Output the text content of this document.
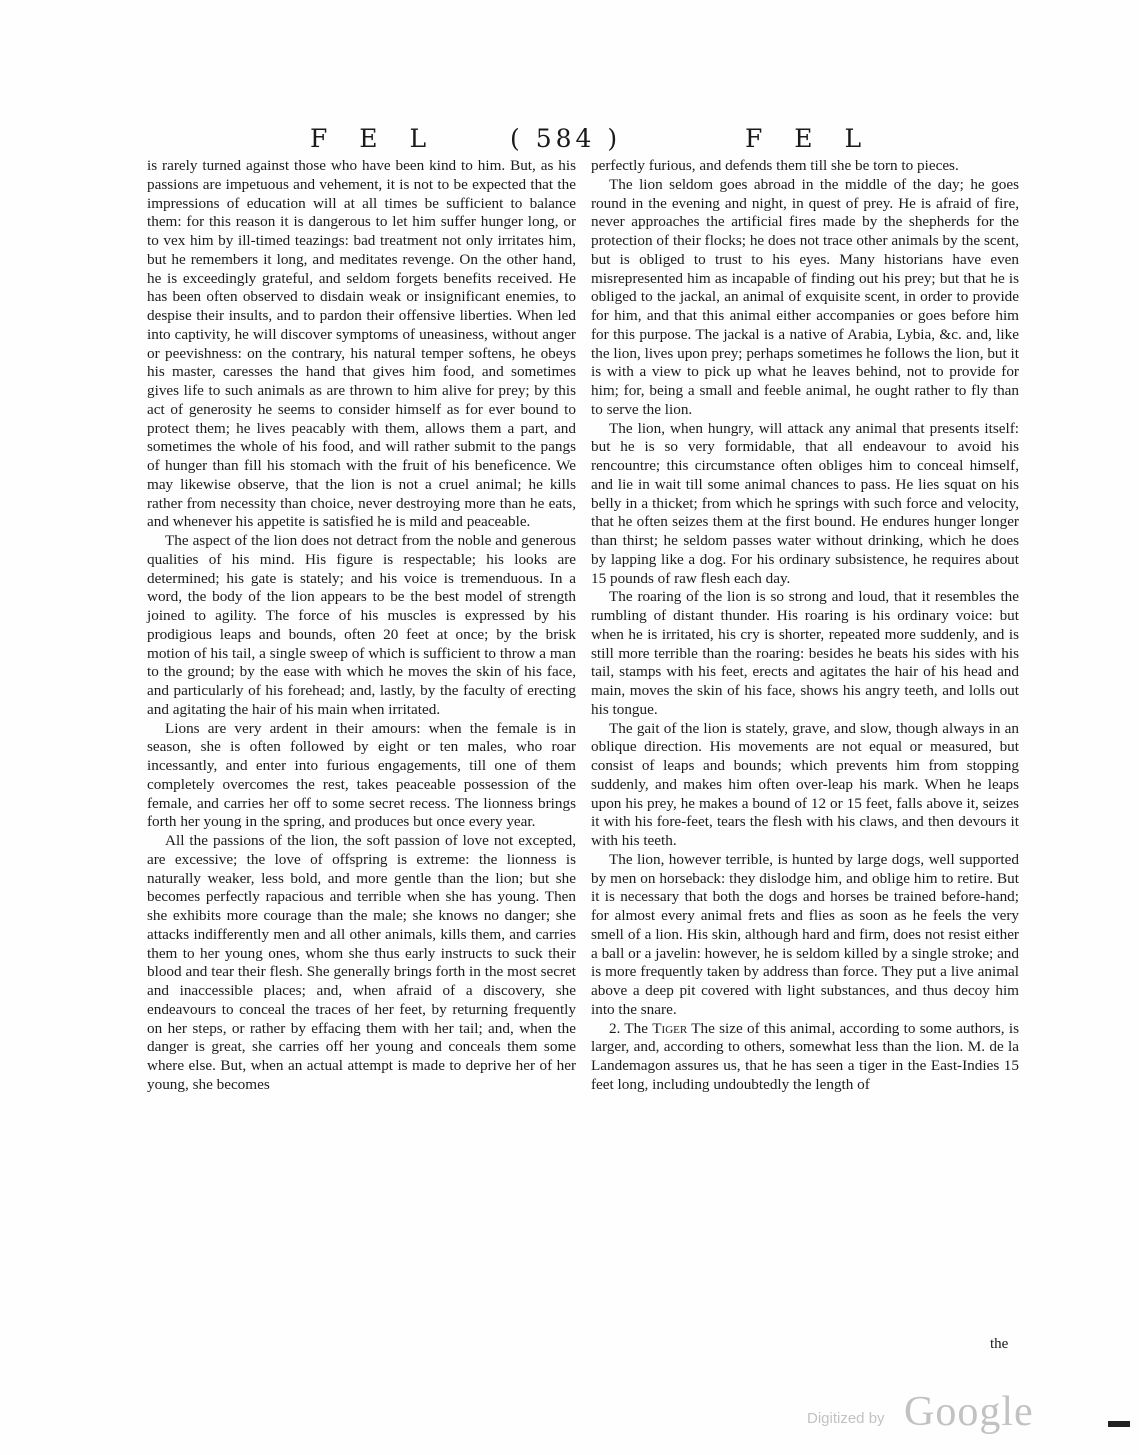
F E L	( 584 )	F E L

is rarely turned against those who have been kind to him. But, as his passions are impetuous and vehement, it is not to be expected that the impressions of education will at all times be sufficient to balance them: for this reason it is dangerous to let him suffer hunger long, or to vex him by ill-timed teazings: bad treatment not only irritates him, but he remembers it long, and meditates revenge. On the other hand, he is exceedingly grateful, and seldom forgets benefits received. He has been often observed to disdain weak or insignificant enemies, to despise their insults, and to pardon their offensive liberties. When led into captivity, he will discover symptoms of uneasiness, without anger or peevishness: on the contrary, his natural temper softens, he obeys his master, caresses the hand that gives him food, and sometimes gives life to such animals as are thrown to him alive for prey; by this act of generosity he seems to consider himself as for ever bound to protect them; he lives peacably with them, allows them a part, and sometimes the whole of his food, and will rather submit to the pangs of hunger than fill his stomach with the fruit of his beneficence. We may likewise observe, that the lion is not a cruel animal; he kills rather from necessity than choice, never destroying more than he eats, and whenever his appetite is satisfied he is mild and peaceable.

The aspect of the lion does not detract from the noble and generous qualities of his mind. His figure is respectable; his looks are determined; his gate is stately; and his voice is tremenduous. In a word, the body of the lion appears to be the best model of strength joined to agility. The force of his muscles is expressed by his prodigious leaps and bounds, often 20 feet at once; by the brisk motion of his tail, a single sweep of which is sufficient to throw a man to the ground; by the ease with which he moves the skin of his face, and particularly of his forehead; and, lastly, by the faculty of erecting and agitating the hair of his main when irritated.

Lions are very ardent in their amours: when the female is in season, she is often followed by eight or ten males, who roar incessantly, and enter into furious engagements, till one of them completely overcomes the rest, takes peaceable possession of the female, and carries her off to some secret recess. The lionness brings forth her young in the spring, and produces but once every year.

All the passions of the lion, the soft passion of love not excepted, are excessive; the love of offspring is extreme: the lionness is naturally weaker, less bold, and more gentle than the lion; but she becomes perfectly rapacious and terrible when she has young. Then she exhibits more courage than the male; she knows no danger; she attacks indifferently men and all other animals, kills them, and carries them to her young ones, whom she thus early instructs to suck their blood and tear their flesh. She generally brings forth in the most secret and inaccessible places; and, when afraid of a discovery, she endeavours to conceal the traces of her feet, by returning frequently on her steps, or rather by effacing them with her tail; and, when the danger is great, she carries off her young and conceals them some where else. But, when an actual attempt is made to deprive her of her young, she becomes

perfectly furious, and defends them till she be torn to pieces.

The lion seldom goes abroad in the middle of the day; he goes round in the evening and night, in quest of prey. He is afraid of fire, never approaches the artificial fires made by the shepherds for the protection of their flocks; he does not trace other animals by the scent, but is obliged to trust to his eyes. Many historians have even misrepresented him as incapable of finding out his prey; but that he is obliged to the jackal, an animal of exquisite scent, in order to provide for him, and that this animal either accompanies or goes before him for this purpose. The jackal is a native of Arabia, Lybia, &c. and, like the lion, lives upon prey; perhaps sometimes he follows the lion, but it is with a view to pick up what he leaves behind, not to provide for him; for, being a small and feeble animal, he ought rather to fly than to serve the lion.

The lion, when hungry, will attack any animal that presents itself: but he is so very formidable, that all endeavour to avoid his rencountre; this circumstance often obliges him to conceal himself, and lie in wait till some animal chances to pass. He lies squat on his belly in a thicket; from which he springs with such force and velocity, that he often seizes them at the first bound. He endures hunger longer than thirst; he seldom passes water without drinking, which he does by lapping like a dog. For his ordinary subsistence, he requires about 15 pounds of raw flesh each day.

The roaring of the lion is so strong and loud, that it resembles the rumbling of distant thunder. His roaring is his ordinary voice: but when he is irritated, his cry is shorter, repeated more suddenly, and is still more terrible than the roaring: besides he beats his sides with his tail, stamps with his feet, erects and agitates the hair of his head and main, moves the skin of his face, shows his angry teeth, and lolls out his tongue.

The gait of the lion is stately, grave, and slow, though always in an oblique direction. His movements are not equal or measured, but consist of leaps and bounds; which prevents him from stopping suddenly, and makes him often over-leap his mark. When he leaps upon his prey, he makes a bound of 12 or 15 feet, falls above it, seizes it with his fore-feet, tears the flesh with his claws, and then devours it with his teeth.

The lion, however terrible, is hunted by large dogs, well supported by men on horseback: they dislodge him, and oblige him to retire. But it is necessary that both the dogs and horses be trained before-hand; for almost every animal frets and flies as soon as he feels the very smell of a lion. His skin, although hard and firm, does not resist either a ball or a javelin: however, he is seldom killed by a single stroke; and is more frequently taken by address than force. They put a live animal above a deep pit covered with light substances, and thus decoy him into the snare.

2. The Tiger The size of this animal, according to some authors, is larger, and, according to others, somewhat less than the lion. M. de la Landemagon assures us, that he has seen a tiger in the East-Indies 15 feet long, including undoubtedly the length of

the
Digitized by Google
